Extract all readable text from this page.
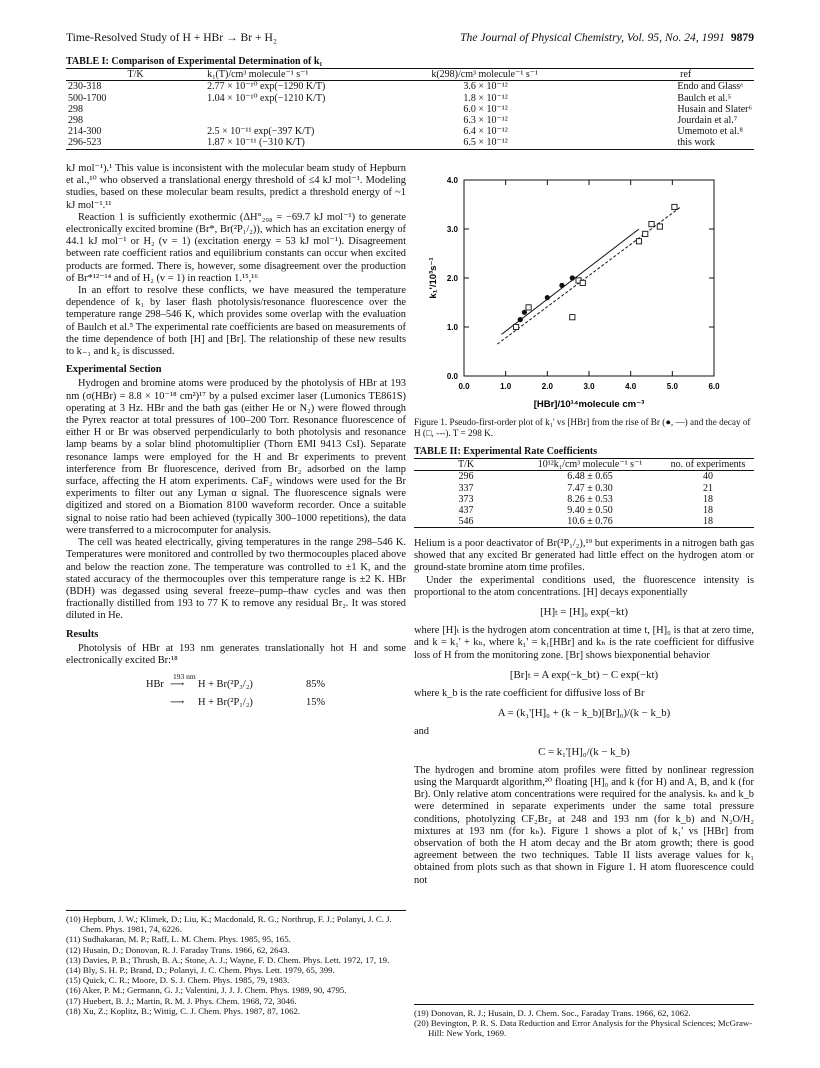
Time-Resolved Study of H + HBr → Br + H₂	The Journal of Physical Chemistry, Vol. 95, No. 24, 1991 9879
TABLE I: Comparison of Experimental Determination of k₁
T/K	k₁(T)/cm³ molecule⁻¹ s⁻¹	k(298)/cm³ molecule⁻¹ s⁻¹	ref
230-318	2.77 × 10⁻¹⁰ exp(−1290 K/T)	3.6 × 10⁻¹²	Endo and Glassᵃ
500-1700	1.04 × 10⁻¹⁰ exp(−1210 K/T)	1.8 × 10⁻¹²	Baulch et al.⁵
298		6.0 × 10⁻¹²	Husain and Slater⁶
298		6.3 × 10⁻¹²	Jourdain et al.⁷
214-300	2.5 × 10⁻¹¹ exp(−397 K/T)	6.4 × 10⁻¹²	Umemoto et al.⁸
296-523	1.87 × 10⁻¹¹ (−310 K/T)	6.5 × 10⁻¹²	this work

kJ mol⁻¹).¹ This value is inconsistent with the molecular beam study of Hepburn et al.,¹⁰ who observed a translational energy threshold of ≤4 kJ mol⁻¹. Modeling studies, based on these molecular beam results, predict a threshold energy of ~1 kJ mol⁻¹.¹¹

Reaction 1 is sufficiently exothermic (ΔH°₂₉₈ = −69.7 kJ mol⁻¹) to generate electronically excited bromine (Br*, Br(²P₁/₂)), which has an excitation energy of 44.1 kJ mol⁻¹ or H₂ (v = 1) (excitation energy = 53 kJ mol⁻¹). Disagreement between rate coefficient ratios and equilibrium constants can occur when excited products are formed. There is, however, some disagreement over the production of Br*¹²⁻¹⁴ and of H₂ (v = 1) in reaction 1.¹⁵,¹⁶

In an effort to resolve these conflicts, we have measured the temperature dependence of k₁ by laser flash photolysis/resonance fluorescence over the temperature range 298–546 K, which provides some overlap with the evaluation of Baulch et al.⁵ The experimental rate coefficients are based on measurements of the time dependence of both [H] and [Br]. The relationship of these new results to k₋₁ and k₂ is discussed.

Experimental Section

Hydrogen and bromine atoms were produced by the photolysis of HBr at 193 nm (σ(HBr) = 8.8 × 10⁻¹⁸ cm²)¹⁷ by a pulsed excimer laser (Lumonics TE861S) operating at 3 Hz. HBr and the bath gas (either He or N₂) were flowed through the Pyrex reactor at total pressures of 100–200 Torr. Resonance fluorescence of either H or Br was observed perpendicularly to both photolysis and resonance lamp beams by a solar blind photomultiplier (Thorn EMI 9413 CsI). Separate resonance lamps were employed for the H and Br experiments to prevent interference from Br fluorescence, derived from Br₂ adsorbed on the lamp surface, affecting the H atom experiments. CaF₂ windows were used for the Br experiments to filter out any Lyman α signal. The fluorescence signals were digitized and stored on a Biomation 8100 waveform recorder. Once a suitable signal to noise ratio had been achieved (typically 300–1000 repetitions), the data were transferred to a microcomputer for analysis.

The cell was heated electrically, giving temperatures in the range 298–546 K. Temperatures were monitored and controlled by two thermocouples placed above and below the reaction zone. The temperature was controlled to ±1 K, and the stated accuracy of the thermocouples over this temperature range is ±2 K. HBr (BDH) was degassed using several freeze–pump–thaw cycles and was then fractionally distilled from 193 to 77 K to remove any residual Br₂. It was stored diluted in He.

Results

Photolysis of HBr at 193 nm generates translationally hot H and some electronically excited Br:¹⁸

HBr
193 nm
⟶ H + Br(²P₃/₂)	85%
⟶ H + Br(²P₁/₂)	15%
(10) Hepburn, J. W.; Klimek, D.; Liu, K.; Macdonald, R. G.; Northrup, F. J.; Polanyi, J. C. J. Chem. Phys. 1981, 74, 6226.
(11) Sudhakaran, M. P.; Raff, L. M. Chem. Phys. 1985, 95, 165.
(12) Husain, D.; Donovan, R. J. Faraday Trans. 1966, 62, 2643.
(13) Davies, P. B.; Thrush, B. A.; Stone, A. J.; Wayne, F. D. Chem. Phys. Lett. 1972, 17, 19.
(14) Bly, S. H. P.; Brand, D.; Polanyi, J. C. Chem. Phys. Lett. 1979, 65, 399.
(15) Quick, C. R.; Moore, D. S. J. Chem. Phys. 1985, 79, 1983.
(16) Aker, P. M.; Germann, G. J.; Valentini, J. J. J. Chem. Phys. 1989, 90, 4795.
(17) Huebert, B. J.; Martin, R. M. J. Phys. Chem. 1968, 72, 3046.
(18) Xu, Z.; Koplitz, B.; Wittig, C. J. Chem. Phys. 1987, 87, 1062.
0.0	1.0	2.0	3.0	4.0	5.0	6.0
0.0
1.0
2.0
3.0
4.0
[HBr]/10¹⁴molecule cm⁻³
k₁'/10³s⁻¹
Figure 1. Pseudo-first-order plot of k₁' vs [HBr] from the rise of Br (●, —) and the decay of H (□, ---). T = 298 K.
TABLE II: Experimental Rate Coefficients
T/K	10¹²k₁/cm³ molecule⁻¹ s⁻¹	no. of experiments
296	6.48 ± 0.65	40
337	7.47 ± 0.30	21
373	8.26 ± 0.53	18
437	9.40 ± 0.50	18
546	10.6 ± 0.76	18

Helium is a poor deactivator of Br(²P₁/₂),¹⁹ but experiments in a nitrogen bath gas showed that any excited Br generated had little effect on the hydrogen atom or ground-state bromine atom time profiles.

Under the experimental conditions used, the fluorescence intensity is proportional to the atom concentrations. [H] decays exponentially

[H]ₜ = [H]₀ exp(−kt)

where [H]ₜ is the hydrogen atom concentration at time t, [H]₀ is that at zero time, and k = k₁' + kₕ, where k₁' = k₁[HBr] and kₕ is the rate coefficient for diffusive loss of H from the monitoring zone. [Br] shows biexponential behavior

[Br]ₜ = A exp(−k_bt) − C exp(−kt)

where k_b is the rate coefficient for diffusive loss of Br

A = (k₁'[H]₀ + (k − k_b)[Br]₀)/(k − k_b)

and

C = k₁'[H]₀/(k − k_b)

The hydrogen and bromine atom profiles were fitted by nonlinear regression using the Marquardt algorithm,²⁰ floating [H]₀ and k (for H) and A, B, and k (for Br). Only relative atom concentrations were required for the analysis. kₕ and k_b were determined in separate experiments under the same total pressure conditions, photolyzing CF₂Br₂ at 248 and 193 nm (for k_b) and N₂O/H₂ mixtures at 193 nm (for kₕ). Figure 1 shows a plot of k₁' vs [HBr] from observation of both the H atom decay and the Br atom growth; there is good agreement between the two techniques. Table II lists average values for k₁ obtained from plots such as that shown in Figure 1. H atom fluorescence could not

(19) Donovan, R. J.; Husain, D. J. Chem. Soc., Faraday Trans. 1966, 62, 1062.
(20) Bevington, P. R. S. Data Reduction and Error Analysis for the Physical Sciences; McGraw-Hill: New York, 1969.
